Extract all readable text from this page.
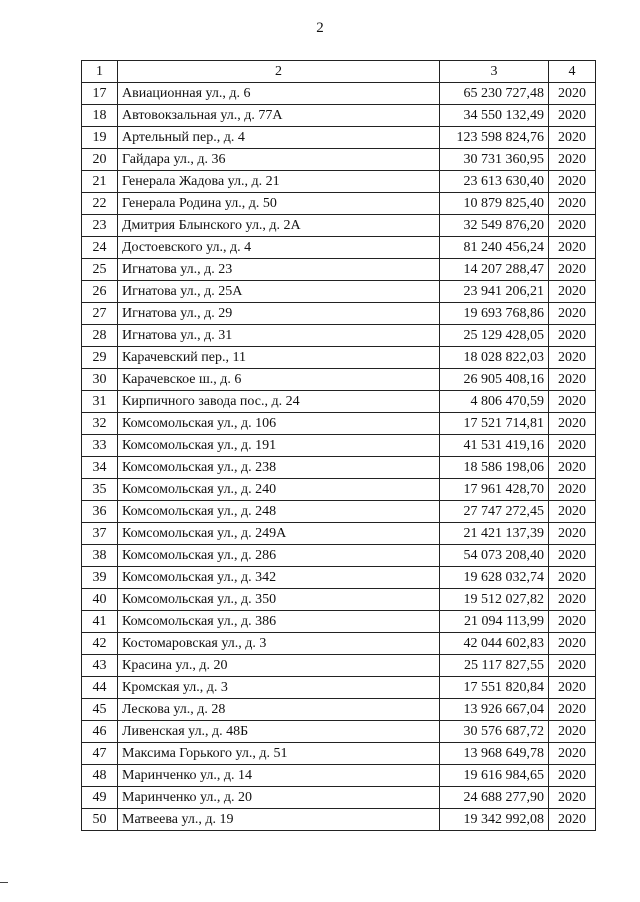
2
1	2	3	4
17	Авиационная ул., д. 6	65 230 727,48	2020
18	Автовокзальная ул., д. 77А	34 550 132,49	2020
19	Артельный пер., д. 4	123 598 824,76	2020
20	Гайдара ул., д. 36	30 731 360,95	2020
21	Генерала Жадова ул., д. 21	23 613 630,40	2020
22	Генерала Родина ул., д. 50	10 879 825,40	2020
23	Дмитрия Блынского ул., д. 2А	32 549 876,20	2020
24	Достоевского ул., д. 4	81 240 456,24	2020
25	Игнатова ул., д. 23	14 207 288,47	2020
26	Игнатова ул., д. 25А	23 941 206,21	2020
27	Игнатова ул., д. 29	19 693 768,86	2020
28	Игнатова ул., д. 31	25 129 428,05	2020
29	Карачевский пер., 11	18 028 822,03	2020
30	Карачевское ш., д. 6	26 905 408,16	2020
31	Кирпичного завода пос., д. 24	4 806 470,59	2020
32	Комсомольская ул., д. 106	17 521 714,81	2020
33	Комсомольская ул., д. 191	41 531 419,16	2020
34	Комсомольская ул., д. 238	18 586 198,06	2020
35	Комсомольская ул., д. 240	17 961 428,70	2020
36	Комсомольская ул., д. 248	27 747 272,45	2020
37	Комсомольская ул., д. 249А	21 421 137,39	2020
38	Комсомольская ул., д. 286	54 073 208,40	2020
39	Комсомольская ул., д. 342	19 628 032,74	2020
40	Комсомольская ул., д. 350	19 512 027,82	2020
41	Комсомольская ул., д. 386	21 094 113,99	2020
42	Костомаровская ул., д. 3	42 044 602,83	2020
43	Красина ул., д. 20	25 117 827,55	2020
44	Кромская ул., д. 3	17 551 820,84	2020
45	Лескова ул., д. 28	13 926 667,04	2020
46	Ливенская ул., д. 48Б	30 576 687,72	2020
47	Максима Горького ул., д. 51	13 968 649,78	2020
48	Маринченко ул., д. 14	19 616 984,65	2020
49	Маринченко ул., д. 20	24 688 277,90	2020
50	Матвеева ул., д. 19	19 342 992,08	2020
